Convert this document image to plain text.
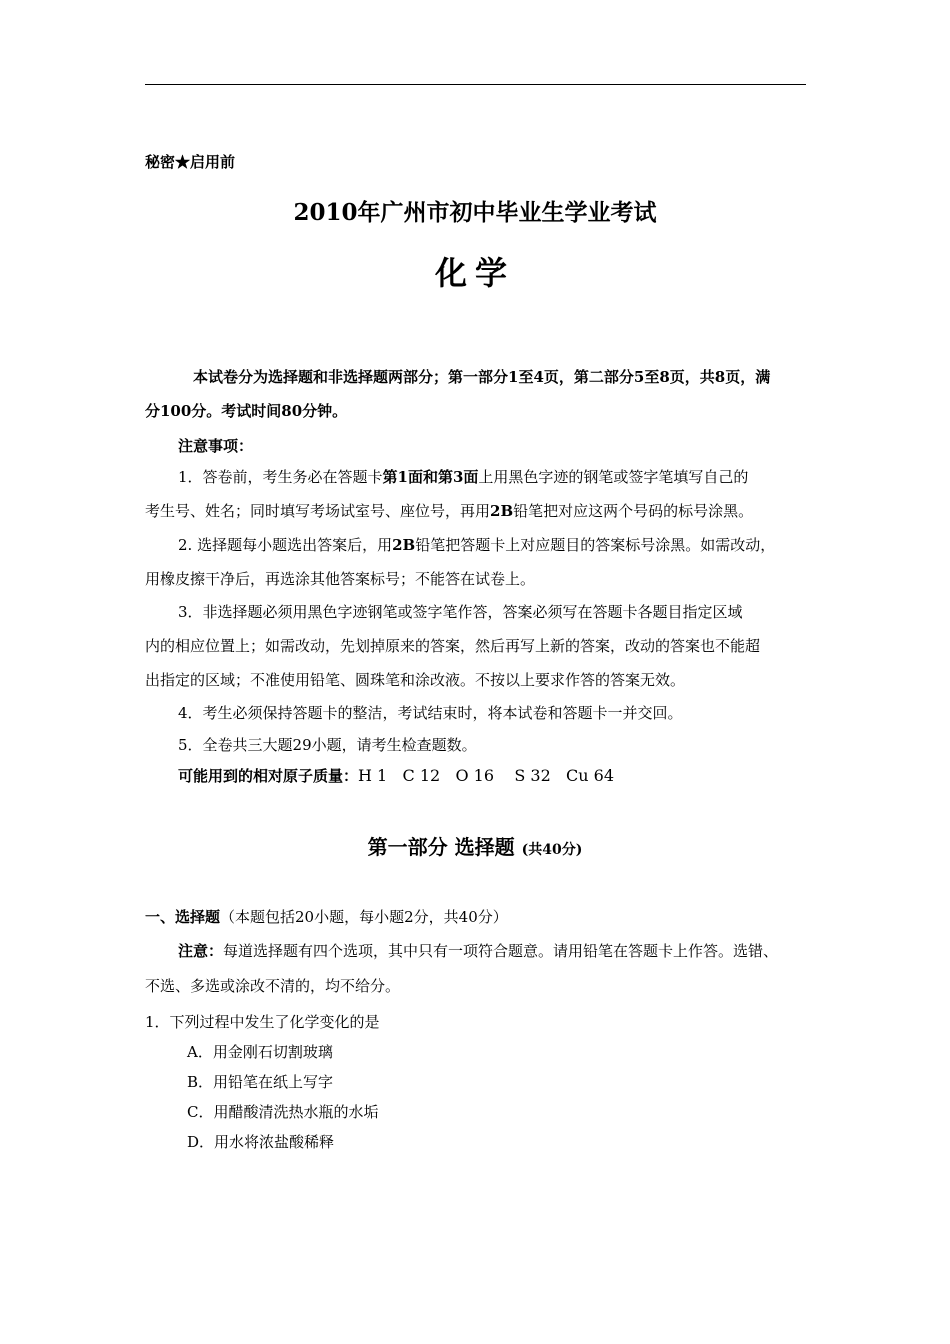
秘密★启用前
2010年广州市初中毕业生学业考试
化学
本试卷分为选择题和非选择题两部分；第一部分1至4页，第二部分5至8页，共8页，满
分100分。考试时间80分钟。
注意事项：
1．答卷前，考生务必在答题卡第1面和第3面上用黑色字迹的钢笔或签字笔填写自己的
考生号、姓名；同时填写考场试室号、座位号，再用2B铅笔把对应这两个号码的标号涂黑。
2. 选择题每小题选出答案后，用2B铅笔把答题卡上对应题目的答案标号涂黑。如需改动，
用橡皮擦干净后，再选涂其他答案标号；不能答在试卷上。
3．非选择题必须用黑色字迹钢笔或签字笔作答，答案必须写在答题卡各题目指定区域
内的相应位置上；如需改动，先划掉原来的答案，然后再写上新的答案，改动的答案也不能超
出指定的区域；不准使用铅笔、圆珠笔和涂改液。不按以上要求作答的答案无效。
4．考生必须保持答题卡的整洁，考试结束时，将本试卷和答题卡一并交回。
5．全卷共三大题29小题，请考生检查题数。
可能用到的相对原子质量：H 1   C 12   O 16    S 32   Cu 64
第一部分 选择题 (共40分)
一、选择题（本题包括20小题，每小题2分，共40分）
注意：每道选择题有四个选项，其中只有一项符合题意。请用铅笔在答题卡上作答。选错、
不选、多选或涂改不清的，均不给分。
1．下列过程中发生了化学变化的是
A．用金刚石切割玻璃
B．用铅笔在纸上写字
C．用醋酸清洗热水瓶的水垢
D．用水将浓盐酸稀释
